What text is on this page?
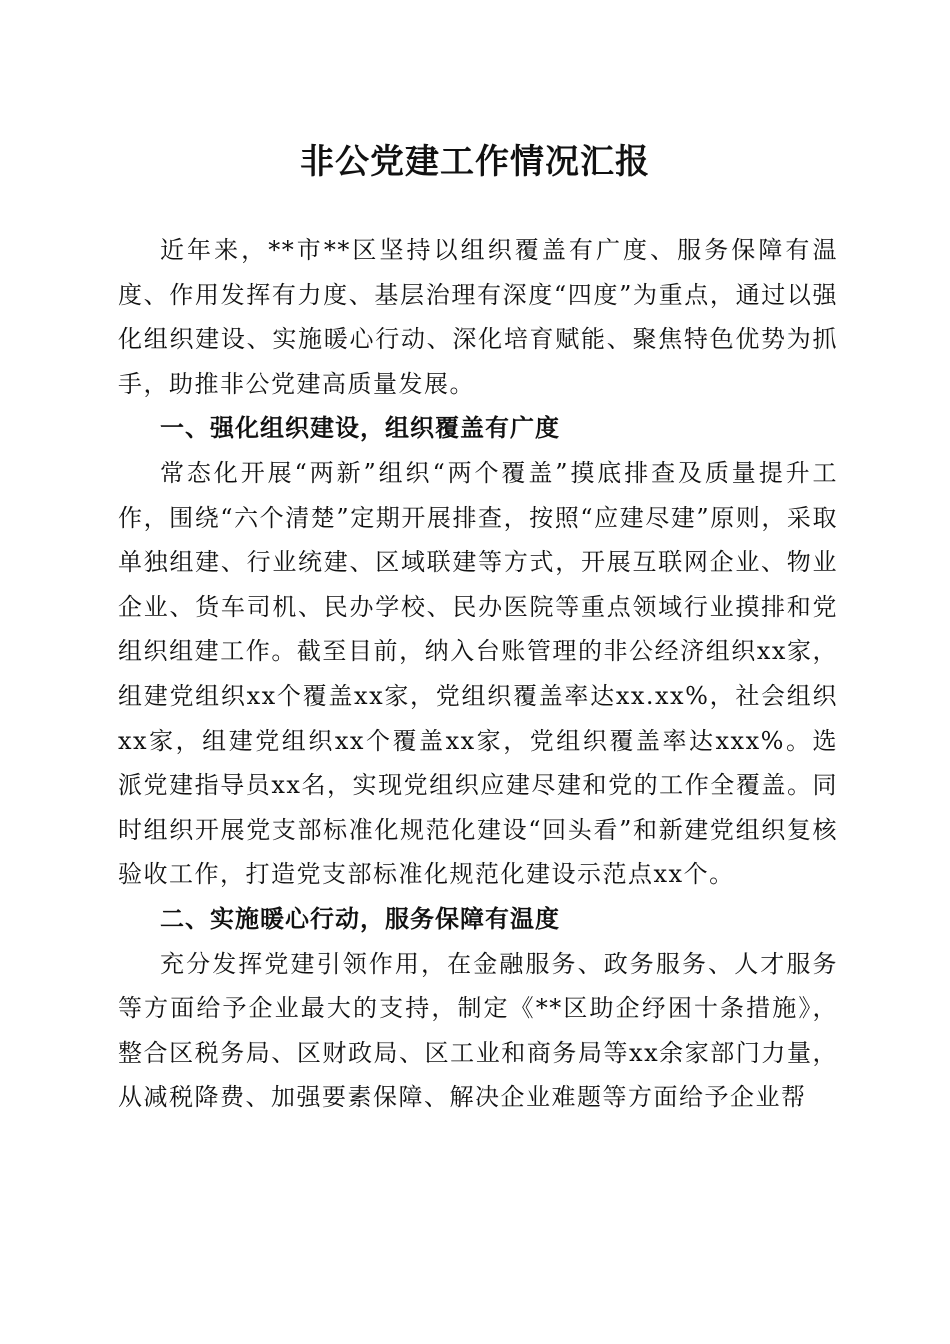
非公党建工作情况汇报

近年来，**市**区坚持以组织覆盖有广度、服务保障有温度、作用发挥有力度、基层治理有深度“四度”为重点，通过以强化组织建设、实施暖心行动、深化培育赋能、聚焦特色优势为抓手，助推非公党建高质量发展。

一、强化组织建设，组织覆盖有广度

常态化开展“两新”组织“两个覆盖”摸底排查及质量提升工作，围绕“六个清楚”定期开展排查，按照“应建尽建”原则，采取单独组建、行业统建、区域联建等方式，开展互联网企业、物业企业、货车司机、民办学校、民办医院等重点领域行业摸排和党组织组建工作。截至目前，纳入台账管理的非公经济组织xx家，组建党组织xx个覆盖xx家，党组织覆盖率达xx.xx%，社会组织xx家，组建党组织xx个覆盖xx家，党组织覆盖率达xxx%。选派党建指导员xx名，实现党组织应建尽建和党的工作全覆盖。同时组织开展党支部标准化规范化建设“回头看”和新建党组织复核验收工作，打造党支部标准化规范化建设示范点xx个。

二、实施暖心行动，服务保障有温度

充分发挥党建引领作用，在金融服务、政务服务、人才服务等方面给予企业最大的支持，制定《**区助企纾困十条措施》，整合区税务局、区财政局、区工业和商务局等xx余家部门力量，从减税降费、加强要素保障、解决企业难题等方面给予企业帮
